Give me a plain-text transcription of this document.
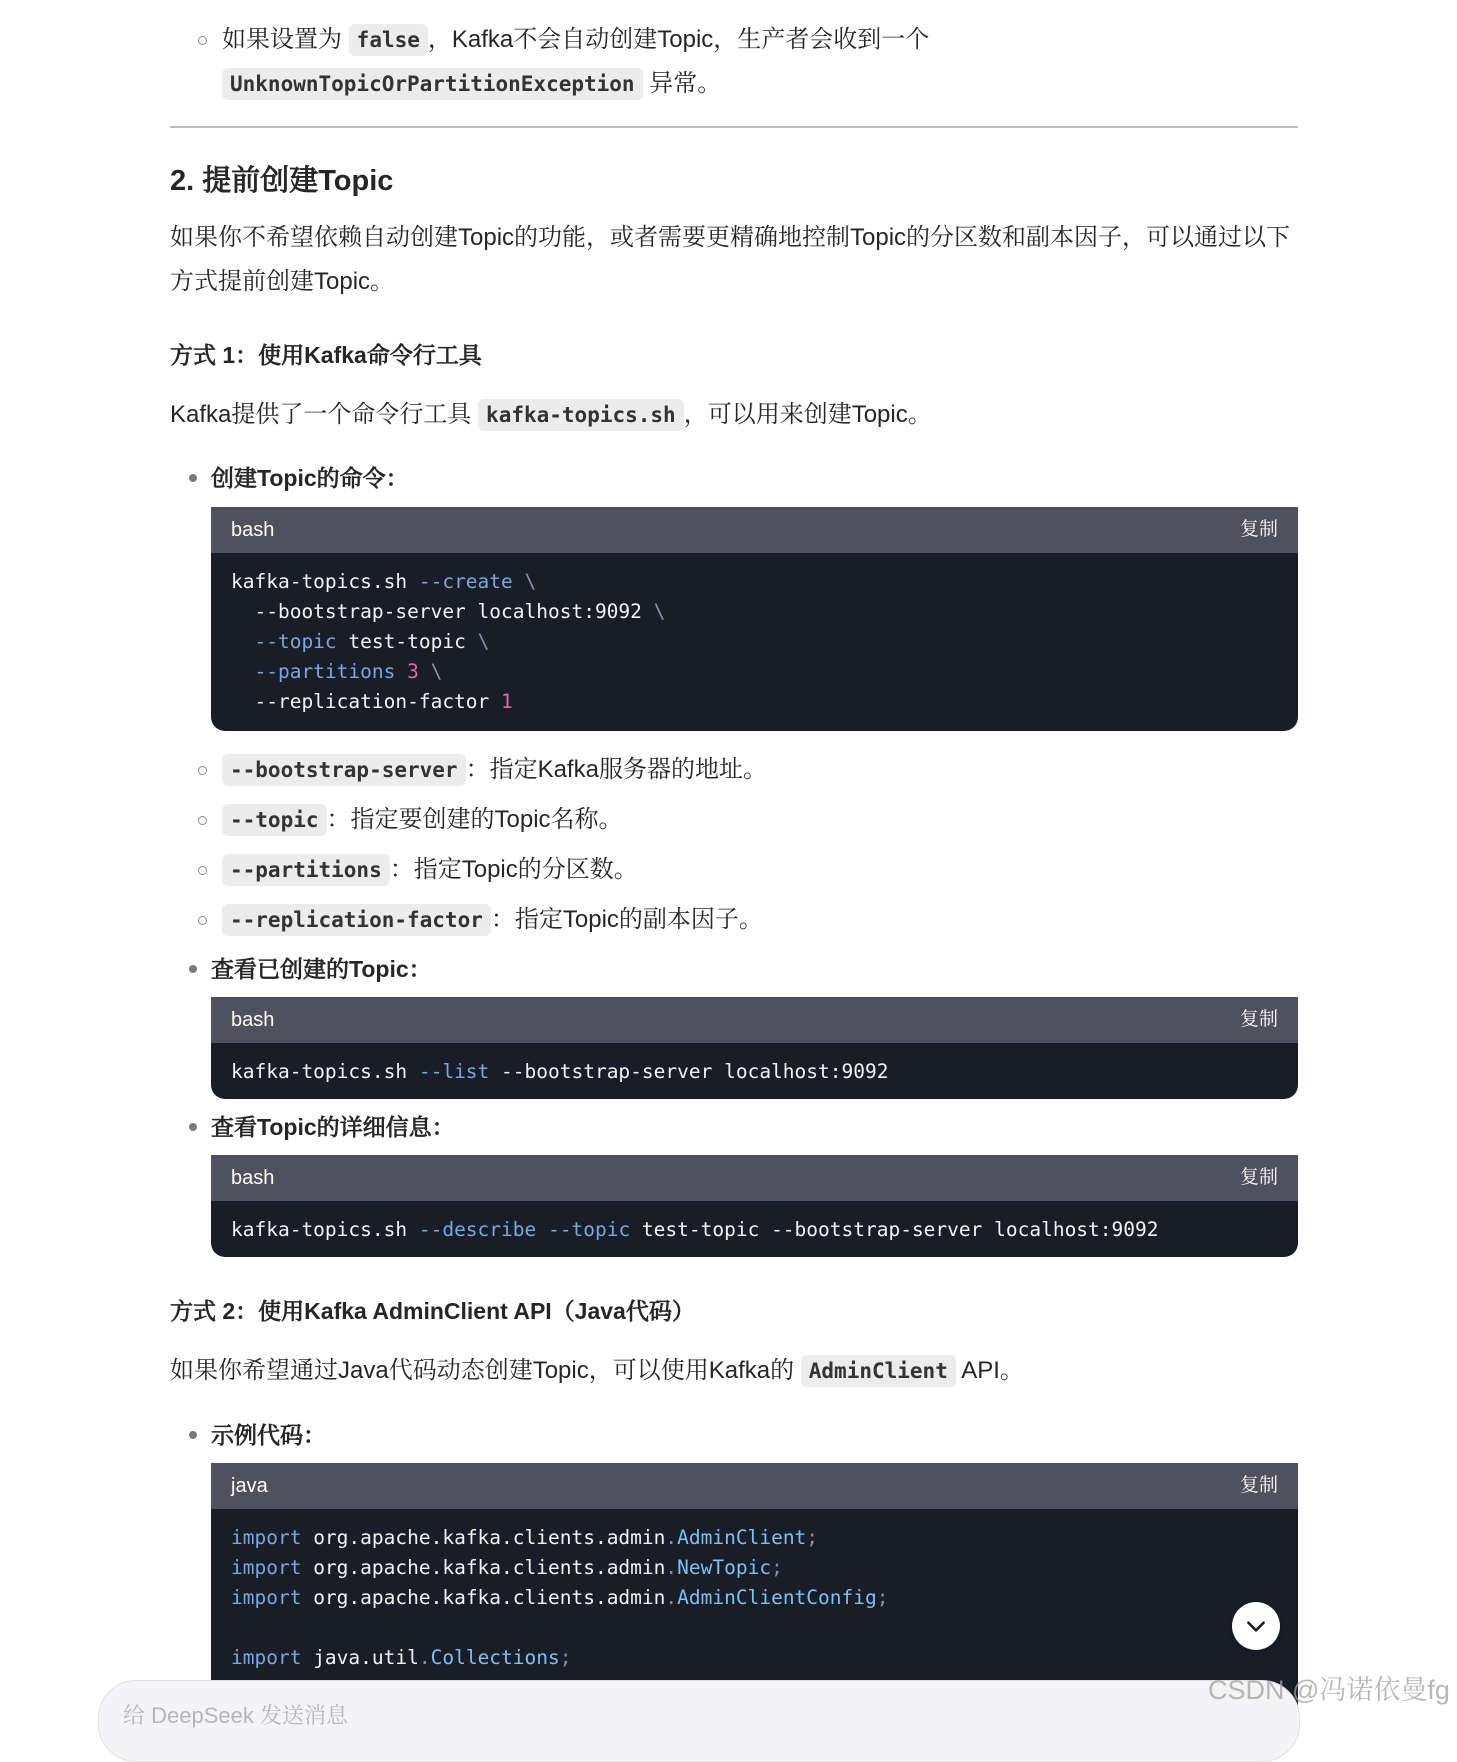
如果设置为 false ，Kafka不会自动创建Topic，生产者会收到一个
UnknownTopicOrPartitionException 异常。
2. 提前创建Topic
如果你不希望依赖自动创建Topic的功能，或者需要更精确地控制Topic的分区数和副本因子，可以通过以下方式提前创建Topic。
方式 1：使用Kafka命令行工具
Kafka提供了一个命令行工具 kafka-topics.sh ，可以用来创建Topic。
创建Topic的命令：
bash	复制
kafka-topics.sh --create \
--bootstrap-server localhost:9092 \
--topic test-topic \
--partitions 3 \
--replication-factor 1
--bootstrap-server ：指定Kafka服务器的地址。
--topic ：指定要创建的Topic名称。
--partitions ：指定Topic的分区数。
--replication-factor ：指定Topic的副本因子。
查看已创建的Topic：
bash	复制
kafka-topics.sh --list --bootstrap-server localhost:9092
查看Topic的详细信息：
bash	复制
kafka-topics.sh --describe --topic test-topic --bootstrap-server localhost:9092
方式 2：使用Kafka AdminClient API（Java代码）
如果你希望通过Java代码动态创建Topic，可以使用Kafka的 AdminClient API。
示例代码：
java	复制
import org.apache.kafka.clients.admin.AdminClient;
import org.apache.kafka.clients.admin.NewTopic;
import org.apache.kafka.clients.admin.AdminClientConfig;

import java.util.Collections;
给 DeepSeek 发送消息
CSDN @冯诺依曼fg
